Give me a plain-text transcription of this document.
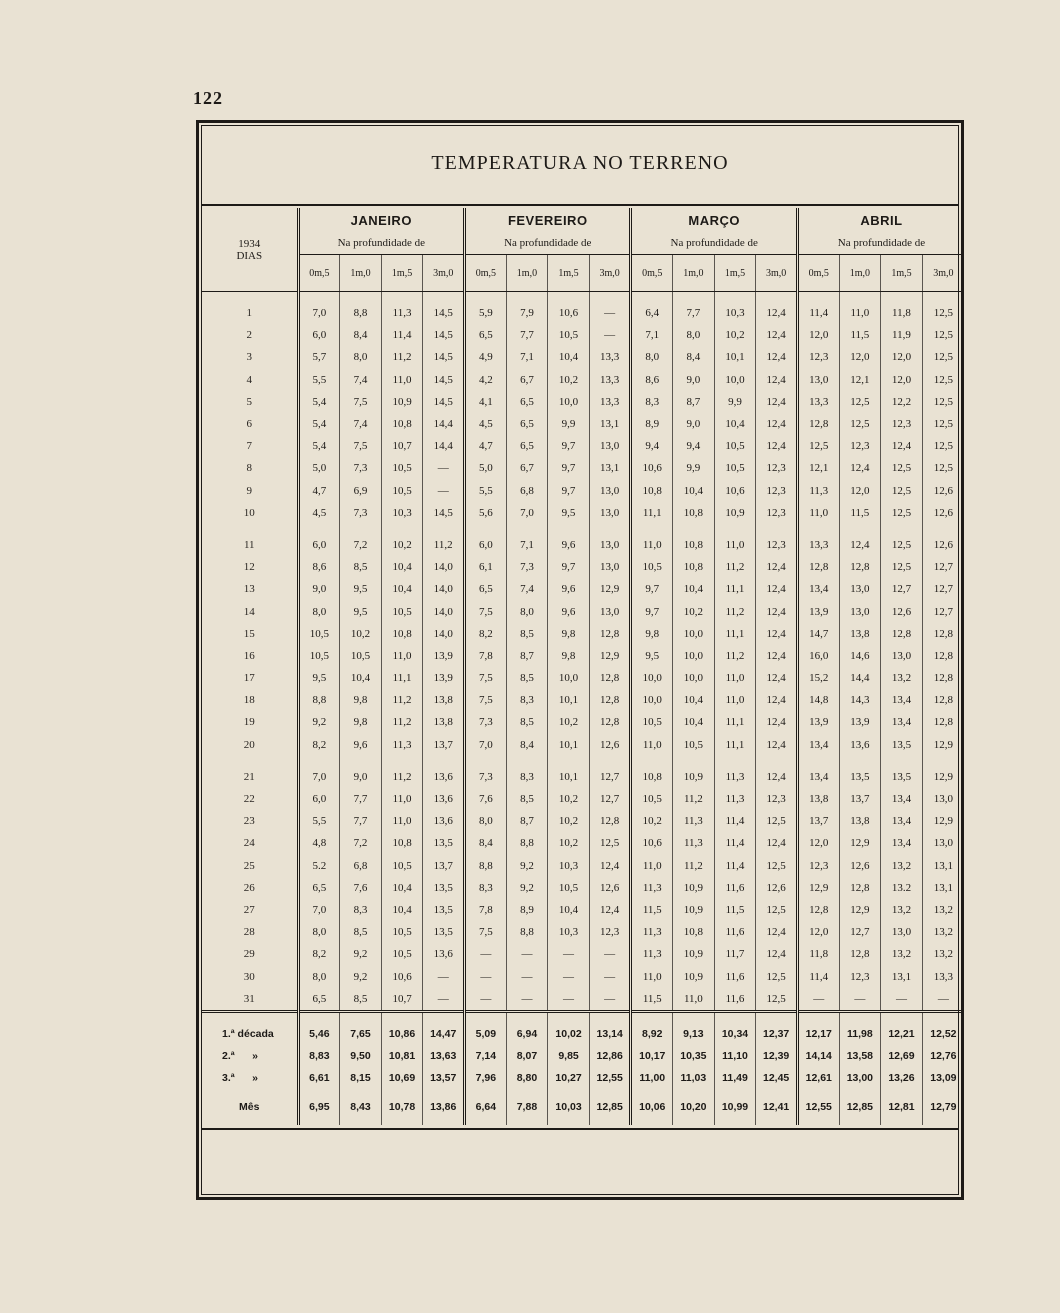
122
TEMPERATURA NO TERRENO
1934
DIAS	JANEIRO				FEVEREIRO				MARÇO				ABRIL			
	Na profundidade de				Na profundidade de				Na profundidade de				Na profundidade de			
	0m,5	1m,0	1m,5	3m,0	0m,5	1m,0	1m,5	3m,0	0m,5	1m,0	1m,5	3m,0	0m,5	1m,0	1m,5	3m,0

1	° 7,0	° 8,8	° 11,3	° 14,5	° 5,9	° 7,9	° 10,6	° —	° 6,4	° 7,7	° 10,3	° 12,4	° 11,4	° 11,0	° 11,8	° 12,5
2	6,0	8,4	11,4	14,5	6,5	7,7	10,5	—	7,1	8,0	10,2	12,4	12,0	11,5	11,9	12,5
3	5,7	8,0	11,2	14,5	4,9	7,1	10,4	13,3	8,0	8,4	10,1	12,4	12,3	12,0	12,0	12,5
4	5,5	7,4	11,0	14,5	4,2	6,7	10,2	13,3	8,6	9,0	10,0	12,4	13,0	12,1	12,0	12,5
5	5,4	7,5	10,9	14,5	4,1	6,5	10,0	13,3	8,3	8,7	9,9	12,4	13,3	12,5	12,2	12,5
6	5,4	7,4	10,8	14,4	4,5	6,5	9,9	13,1	8,9	9,0	10,4	12,4	12,8	12,5	12,3	12,5
7	5,4	7,5	10,7	14,4	4,7	6,5	9,7	13,0	9,4	9,4	10,5	12,4	12,5	12,3	12,4	12,5
8	5,0	7,3	10,5	—	5,0	6,7	9,7	13,1	10,6	9,9	10,5	12,3	12,1	12,4	12,5	12,5
9	4,7	6,9	10,5	—	5,5	6,8	9,7	13,0	10,8	10,4	10,6	12,3	11,3	12,0	12,5	12,6
10	4,5	7,3	10,3	14,5	5,6	7,0	9,5	13,0	11,1	10,8	10,9	12,3	11,0	11,5	12,5	12,6

11	6,0	7,2	10,2	11,2	6,0	7,1	9,6	13,0	11,0	10,8	11,0	12,3	13,3	12,4	12,5	12,6
12	8,6	8,5	10,4	14,0	6,1	7,3	9,7	13,0	10,5	10,8	11,2	12,4	12,8	12,8	12,5	12,7
13	9,0	9,5	10,4	14,0	6,5	7,4	9,6	12,9	9,7	10,4	11,1	12,4	13,4	13,0	12,7	12,7
14	8,0	9,5	10,5	14,0	7,5	8,0	9,6	13,0	9,7	10,2	11,2	12,4	13,9	13,0	12,6	12,7
15	10,5	10,2	10,8	14,0	8,2	8,5	9,8	12,8	9,8	10,0	11,1	12,4	14,7	13,8	12,8	12,8
16	10,5	10,5	11,0	13,9	7,8	8,7	9,8	12,9	9,5	10,0	11,2	12,4	16,0	14,6	13,0	12,8
17	9,5	10,4	11,1	13,9	7,5	8,5	10,0	12,8	10,0	10,0	11,0	12,4	15,2	14,4	13,2	12,8
18	8,8	9,8	11,2	13,8	7,5	8,3	10,1	12,8	10,0	10,4	11,0	12,4	14,8	14,3	13,4	12,8
19	9,2	9,8	11,2	13,8	7,3	8,5	10,2	12,8	10,5	10,4	11,1	12,4	13,9	13,9	13,4	12,8
20	8,2	9,6	11,3	13,7	7,0	8,4	10,1	12,6	11,0	10,5	11,1	12,4	13,4	13,6	13,5	12,9

21	7,0	9,0	11,2	13,6	7,3	8,3	10,1	12,7	10,8	10,9	11,3	12,4	13,4	13,5	13,5	12,9
22	6,0	7,7	11,0	13,6	7,6	8,5	10,2	12,7	10,5	11,2	11,3	12,3	13,8	13,7	13,4	13,0
23	5,5	7,7	11,0	13,6	8,0	8,7	10,2	12,8	10,2	11,3	11,4	12,5	13,7	13,8	13,4	12,9
24	4,8	7,2	10,8	13,5	8,4	8,8	10,2	12,5	10,6	11,3	11,4	12,4	12,0	12,9	13,4	13,0
25	5.2	6,8	10,5	13,7	8,8	9,2	10,3	12,4	11,0	11,2	11,4	12,5	12,3	12,6	13,2	13,1
26	6,5	7,6	10,4	13,5	8,3	9,2	10,5	12,6	11,3	10,9	11,6	12,6	12,9	12,8	13.2	13,1
27	7,0	8,3	10,4	13,5	7,8	8,9	10,4	12,4	11,5	10,9	11,5	12,5	12,8	12,9	13,2	13,2
28	8,0	8,5	10,5	13,5	7,5	8,8	10,3	12,3	11,3	10,8	11,6	12,4	12,0	12,7	13,0	13,2
29	8,2	9,2	10,5	13,6	—	—	—	—	11,3	10,9	11,7	12,4	11,8	12,8	13,2	13,2
30	8,0	9,2	10,6	—	—	—	—	—	11,0	10,9	11,6	12,5	11,4	12,3	13,1	13,3
31	6,5	8,5	10,7	—	—	—	—	—	11,5	11,0	11,6	12,5	—	—	—	—

1.ª década	5,46	7,65	10,86	14,47	5,09	6,94	10,02	13,14	8,92	9,13	10,34	12,37	12,17	11,98	12,21	12,52
2.ª      »	8,83	9,50	10,81	13,63	7,14	8,07	9,85	12,86	10,17	10,35	11,10	12,39	14,14	13,58	12,69	12,76
3.ª      »	6,61	8,15	10,69	13,57	7,96	8,80	10,27	12,55	11,00	11,03	11,49	12,45	12,61	13,00	13,26	13,09
Mês	6,95	8,43	10,78	13,86	6,64	7,88	10,03	12,85	10,06	10,20	10,99	12,41	12,55	12,85	12,81	12,79
